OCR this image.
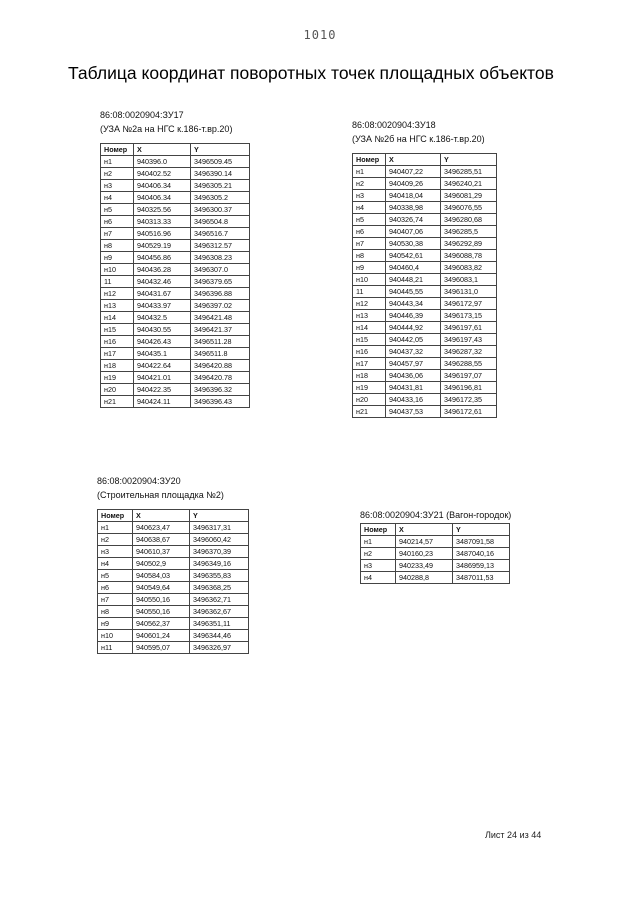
1010
Таблица координат поворотных точек площадных объектов
86:08:0020904:ЗУ17
(УЗА №2а на НГС к.186-т.вр.20)
Номер	X	Y
н1	940396.0	3496509.45
н2	940402.52	3496390.14
н3	940406.34	3496305.21
н4	940406.34	3496305.2
н5	940325.56	3496300.37
н6	940313.33	3496504.8
н7	940516.96	3496516.7
н8	940529.19	3496312.57
н9	940456.86	3496308.23
н10	940436.28	3496307.0
11	940432.46	3496379.65
н12	940431.67	3496396.88
н13	940433.97	3496397.02
н14	940432.5	3496421.48
н15	940430.55	3496421.37
н16	940426.43	3496511.28
н17	940435.1	3496511.8
н18	940422.64	3496420.88
н19	940421.01	3496420.78
н20	940422.35	3496396.32
н21	940424.11	3496396.43
86:08:0020904:ЗУ18
(УЗА №2б на НГС к.186-т.вр.20)
Номер	X	Y
н1	940407,22	3496285,51
н2	940409,26	3496240,21
н3	940418,04	3496081,29
н4	940338,98	3496076,55
н5	940326,74	3496280,68
н6	940407,06	3496285,5
н7	940530,38	3496292,89
н8	940542,61	3496088,78
н9	940460,4	3496083,82
н10	940448,21	3496083,1
11	940445,55	3496131,0
н12	940443,34	3496172,97
н13	940446,39	3496173,15
н14	940444,92	3496197,61
н15	940442,05	3496197,43
н16	940437,32	3496287,32
н17	940457,97	3496288,55
н18	940436,06	3496197,07
н19	940431,81	3496196,81
н20	940433,16	3496172,35
н21	940437,53	3496172,61
86:08:0020904:ЗУ20
(Строительная площадка №2)
Номер	X	Y
н1	940623,47	3496317,31
н2	940638,67	3496060,42
н3	940610,37	3496370,39
н4	940502,9	3496349,16
н5	940584,03	3496355,83
н6	940549,64	3496368,25
н7	940550,16	3496362,71
н8	940550,16	3496362,67
н9	940562,37	3496351,11
н10	940601,24	3496344,46
н11	940595,07	3496326,97
86:08:0020904:ЗУ21 (Вагон-городок)
Номер	X	Y
н1	940214,57	3487091,58
н2	940160,23	3487040,16
н3	940233,49	3486959,13
н4	940288,8	3487011,53
Лист 24 из 44
